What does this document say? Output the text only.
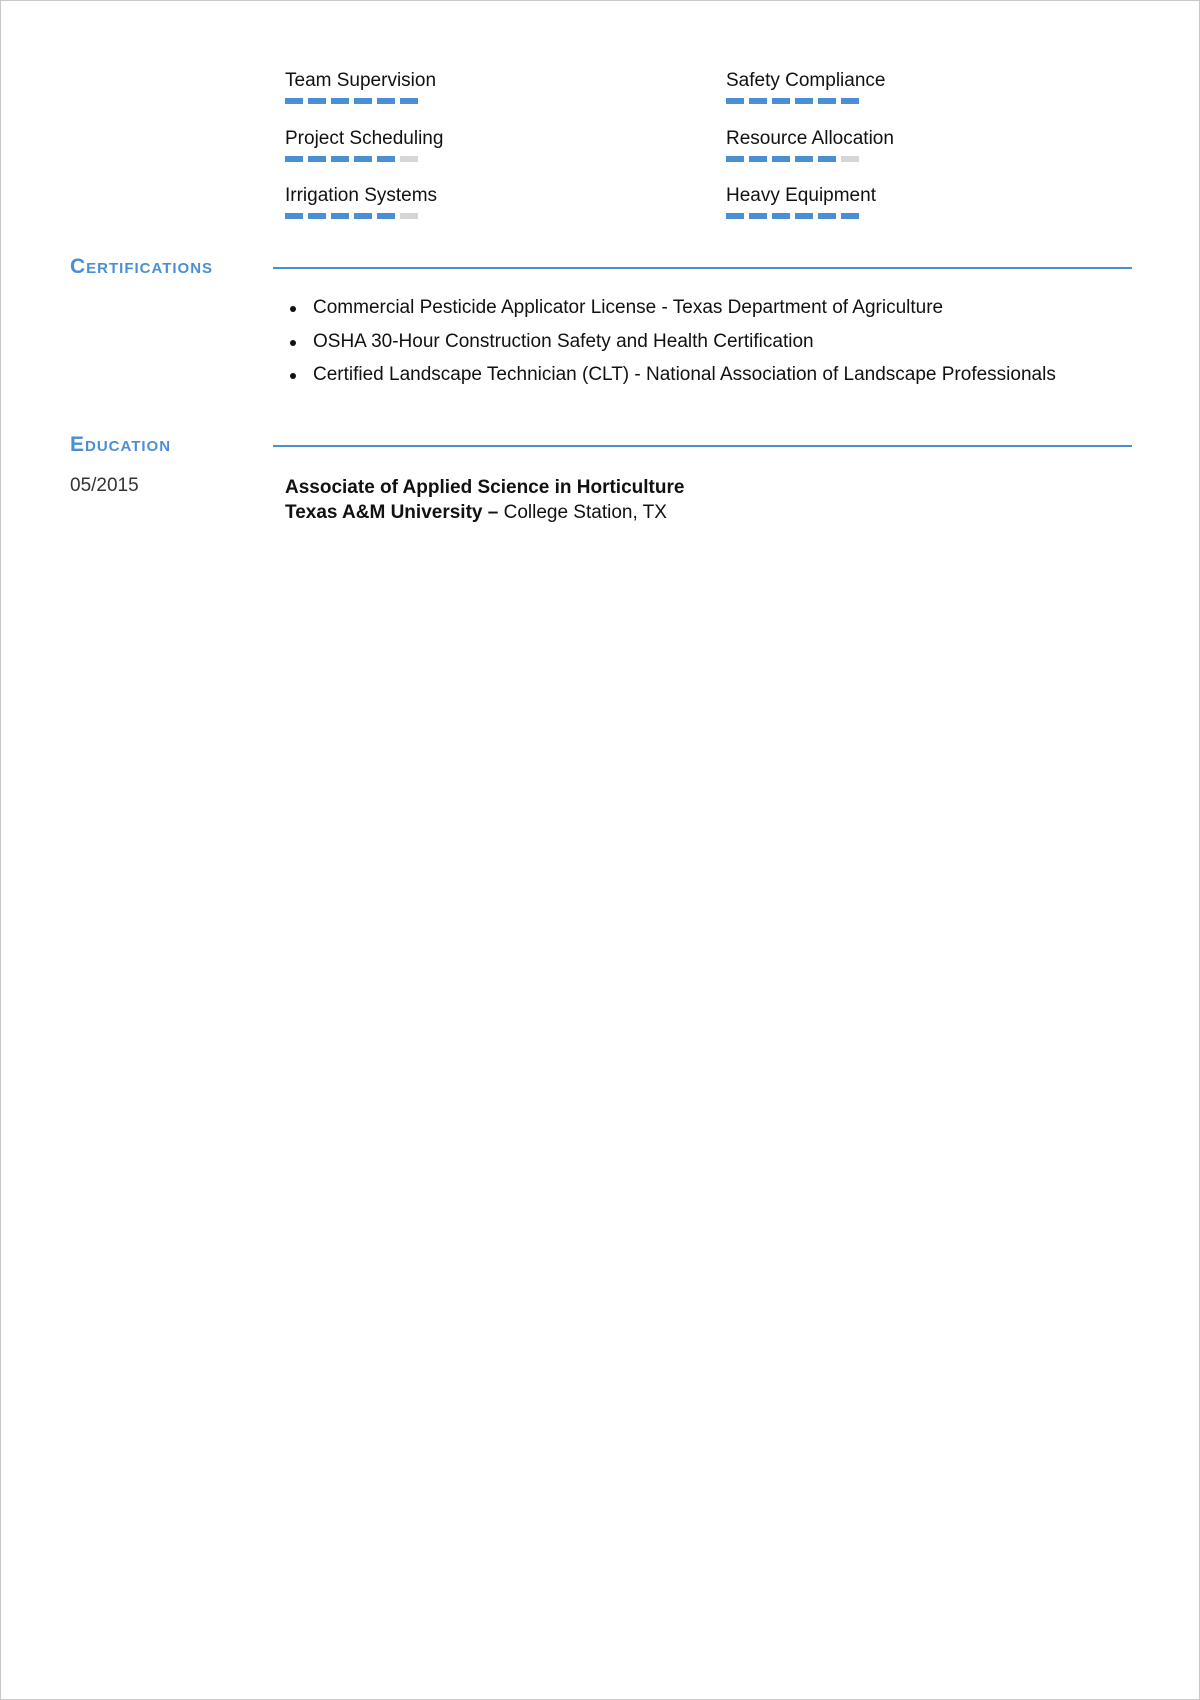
Team Supervision	Safety Compliance
Project Scheduling	Resource Allocation
Irrigation Systems	Heavy Equipment
Certifications
Commercial Pesticide Applicator License - Texas Department of Agriculture
OSHA 30-Hour Construction Safety and Health Certification
Certified Landscape Technician (CLT) - National Association of Landscape Professionals
Education
05/2015	Associate of Applied Science in Horticulture
Texas A&M University – College Station, TX
